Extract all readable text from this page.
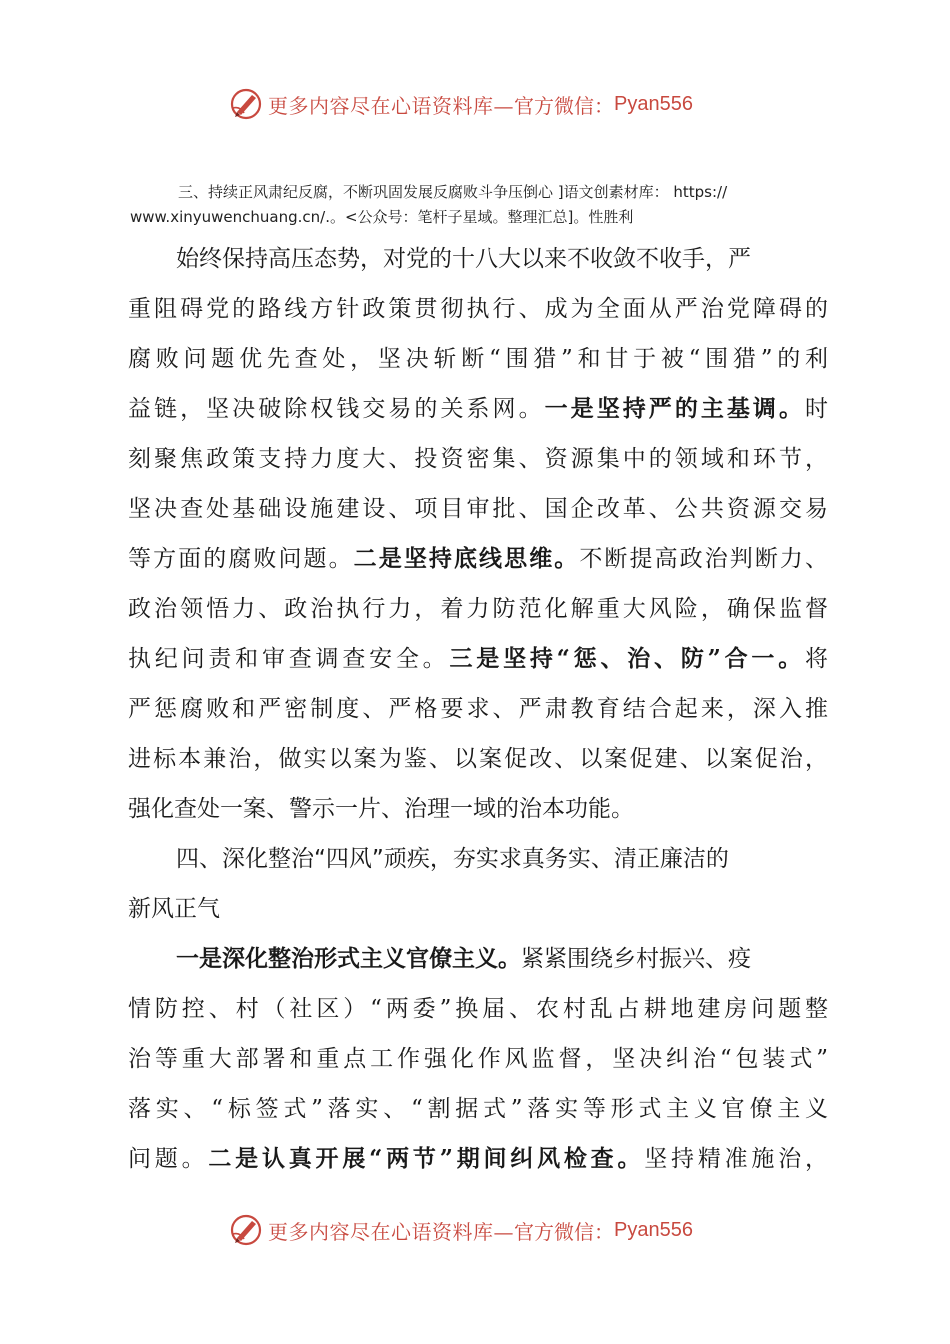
更多内容尽在心语资料库— 官方微信： Pyan556
三、持续正风肃纪反腐，不断巩固发展反腐败斗争压倒心 ]语文创素材库： https://
www.xinyuwenchuang.cn/.。<公众号：笔杆子星域。整理汇总]。性胜利
始终保持高压态势，对党的十八大以来不收敛不收手，严
重阻碍党的路线方针政策贯彻执行、成为全面从严治党障碍的
腐败问题优先查处，坚决斩断“围猎”和甘于被“围猎”的利
益链，坚决破除权钱交易的关系网。一是坚持严的主基调。时
刻聚焦政策支持力度大、投资密集、资源集中的领域和环节，
坚决查处基础设施建设、项目审批、国企改革、公共资源交易
等方面的腐败问题。二是坚持底线思维。不断提高政治判断力、
政治领悟力、政治执行力，着力防范化解重大风险，确保监督
执纪问责和审查调查安全。三是坚持“惩、治、防”合一。将
严惩腐败和严密制度、严格要求、严肃教育结合起来，深入推
进标本兼治，做实以案为鉴、以案促改、以案促建、以案促治，
强化查处一案、警示一片、治理一域的治本功能。
四、深化整治“四风”顽疾，夯实求真务实、清正廉洁的
新风正气
一是深化整治形式主义官僚主义。紧紧围绕乡村振兴、疫
情防控、村（社区）“两委”换届、农村乱占耕地建房问题整
治等重大部署和重点工作强化作风监督，坚决纠治“包装式”
落实、“标签式”落实、“割据式”落实等形式主义官僚主义
问题。二是认真开展“两节”期间纠风检查。坚持精准施治，
更多内容尽在心语资料库— 官方微信： Pyan556
